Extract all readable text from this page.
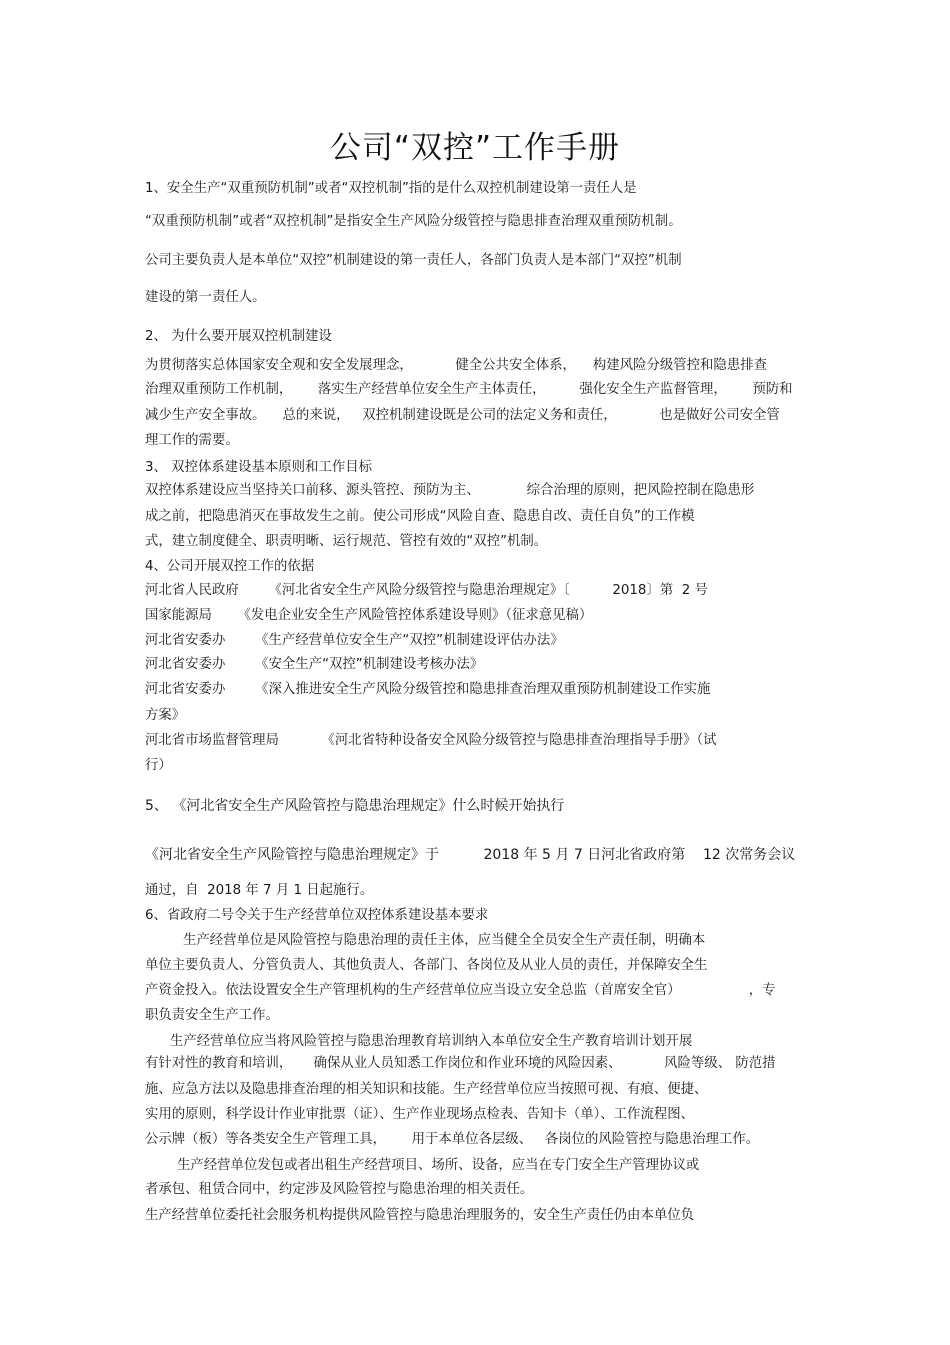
公司“双控”工作手册
1、安全生产“双重预防机制”或者“双控机制”指的是什么双控机制建设第一责任人是
“双重预防机制”或者“双控机制”是指安全生产风险分级管控与隐患排查治理双重预防机制。
公司主要负责人是本单位“双控”机制建设的第一责任人，各部门负责人是本部门“双控”机制
建设的第一责任人。
2、 为什么要开展双控机制建设
为贯彻落实总体国家安全观和安全发展理念，          健全公共安全体系，    构建风险分级管控和隐患排查
治理双重预防工作机制，      落实生产经营单位安全生产主体责任，        强化安全生产监督管理，      预防和
减少生产安全事故。    总的来说，   双控机制建设既是公司的法定义务和责任，          也是做好公司安全管
理工作的需要。
3、 双控体系建设基本原则和工作目标
双控体系建设应当坚持关口前移、源头管控、预防为主、           综合治理的原则，把风险控制在隐患形
成之前，把隐患消灭在事故发生之前。使公司形成“风险自查、隐患自改、责任自负”的工作模
式，建立制度健全、职责明晰、运行规范、管控有效的“双控”机制。
4、公司开展双控工作的依据
河北省人民政府       《河北省安全生产风险分级管控与隐患治理规定》〔          2018〕第  2 号
国家能源局      《发电企业安全生产风险管控体系建设导则》（征求意见稿）
河北省安委办       《生产经营单位安全生产“双控”机制建设评估办法》
河北省安委办       《安全生产“双控”机制建设考核办法》
河北省安委办       《深入推进安全生产风险分级管控和隐患排查治理双重预防机制建设工作实施
方案》
河北省市场监督管理局          《河北省特种设备安全风险分级管控与隐患排查治理指导手册》（试
行）
5、 《河北省安全生产风险管控与隐患治理规定》什么时候开始执行
《河北省安全生产风险管控与隐患治理规定》于          2018 年 5 月 7 日河北省政府第    12 次常务会议
通过，自  2018 年 7 月 1 日起施行。
6、省政府二号令关于生产经营单位双控体系建设基本要求
生产经营单位是风险管控与隐患治理的责任主体，应当健全全员安全生产责任制，明确本
单位主要负责人、分管负责人、其他负责人、各部门、各岗位及从业人员的责任，并保障安全生
产资金投入。依法设置安全生产管理机构的生产经营单位应当设立安全总监（首席安全官）                ，专
职负责安全生产工作。
生产经营单位应当将风险管控与隐患治理教育培训纳入本单位安全生产教育培训计划开展
有针对性的教育和培训，     确保从业人员知悉工作岗位和作业环境的风险因素、          风险等级、 防范措
施、应急方法以及隐患排查治理的相关知识和技能。生产经营单位应当按照可视、有痕、便捷、
实用的原则，科学设计作业审批票（证）、生产作业现场点检表、告知卡（单）、工作流程图、
公示牌（板）等各类安全生产管理工具，      用于本单位各层级、   各岗位的风险管控与隐患治理工作。
生产经营单位发包或者出租生产经营项目、场所、设备，应当在专门安全生产管理协议或
者承包、租赁合同中，约定涉及风险管控与隐患治理的相关责任。
生产经营单位委托社会服务机构提供风险管控与隐患治理服务的，安全生产责任仍由本单位负
